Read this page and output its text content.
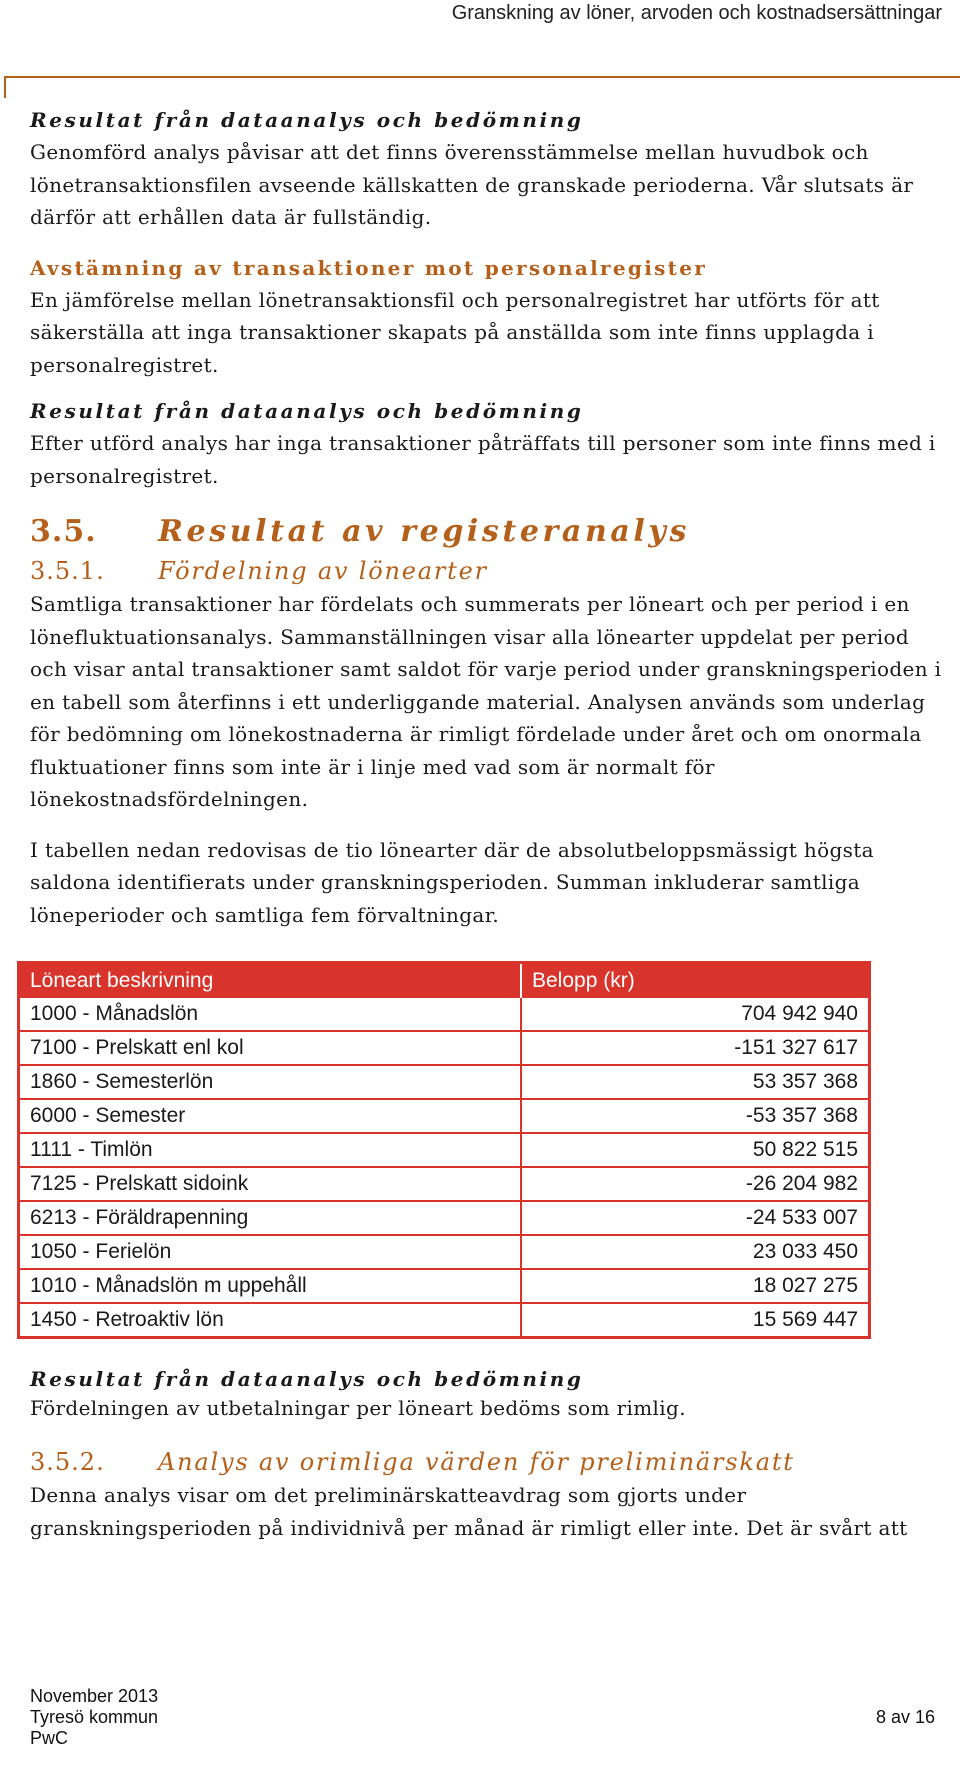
Granskning av löner, arvoden och kostnadsersättningar
Resultat från dataanalys och bedömning

Genomförd analys påvisar att det finns överensstämmelse mellan huvudbok och lönetransaktionsfilen avseende källskatten de granskade perioderna. Vår slutsats är därför att erhållen data är fullständig.

Avstämning av transaktioner mot personalregister

En jämförelse mellan lönetransaktionsfil och personalregistret har utförts för att säkerställa att inga transaktioner skapats på anställda som inte finns upplagda i personalregistret.

Resultat från dataanalys och bedömning

Efter utförd analys har inga transaktioner påträffats till personer som inte finns med i personalregistret.

3.5. Resultat av registeranalys
3.5.1. Fördelning av lönearter

Samtliga transaktioner har fördelats och summerats per löneart och per period i en lönefluktuationsanalys. Sammanställningen visar alla lönearter uppdelat per period och visar antal transaktioner samt saldot för varje period under granskningsperioden i en tabell som återfinns i ett underliggande material. Analysen används som underlag för bedömning om lönekostnaderna är rimligt fördelade under året och om onormala fluktuationer finns som inte är i linje med vad som är normalt för lönekostnadsfördelningen.

I tabellen nedan redovisas de tio lönearter där de absolutbeloppsmässigt högsta saldona identifierats under granskningsperioden. Summan inkluderar samtliga löneperioder och samtliga fem förvaltningar.

Löneart beskrivning	Belopp (kr)
1000 - Månadslön	704 942 940
7100 - Prelskatt enl kol	-151 327 617
1860 - Semesterlön	53 357 368
6000 - Semester	-53 357 368
1111 - Timlön	50 822 515
7125 - Prelskatt sidoink	-26 204 982
6213 - Föräldrapenning	-24 533 007
1050 - Ferielön	23 033 450
1010 - Månadslön m uppehåll	18 027 275
1450 - Retroaktiv lön	15 569 447
Resultat från dataanalys och bedömning

Fördelningen av utbetalningar per löneart bedöms som rimlig.

3.5.2. Analys av orimliga värden för preliminärskatt

Denna analys visar om det preliminärskatteavdrag som gjorts under granskningsperioden på individnivå per månad är rimligt eller inte. Det är svårt att

November 2013
Tyresö kommun
PwC
8 av 16
